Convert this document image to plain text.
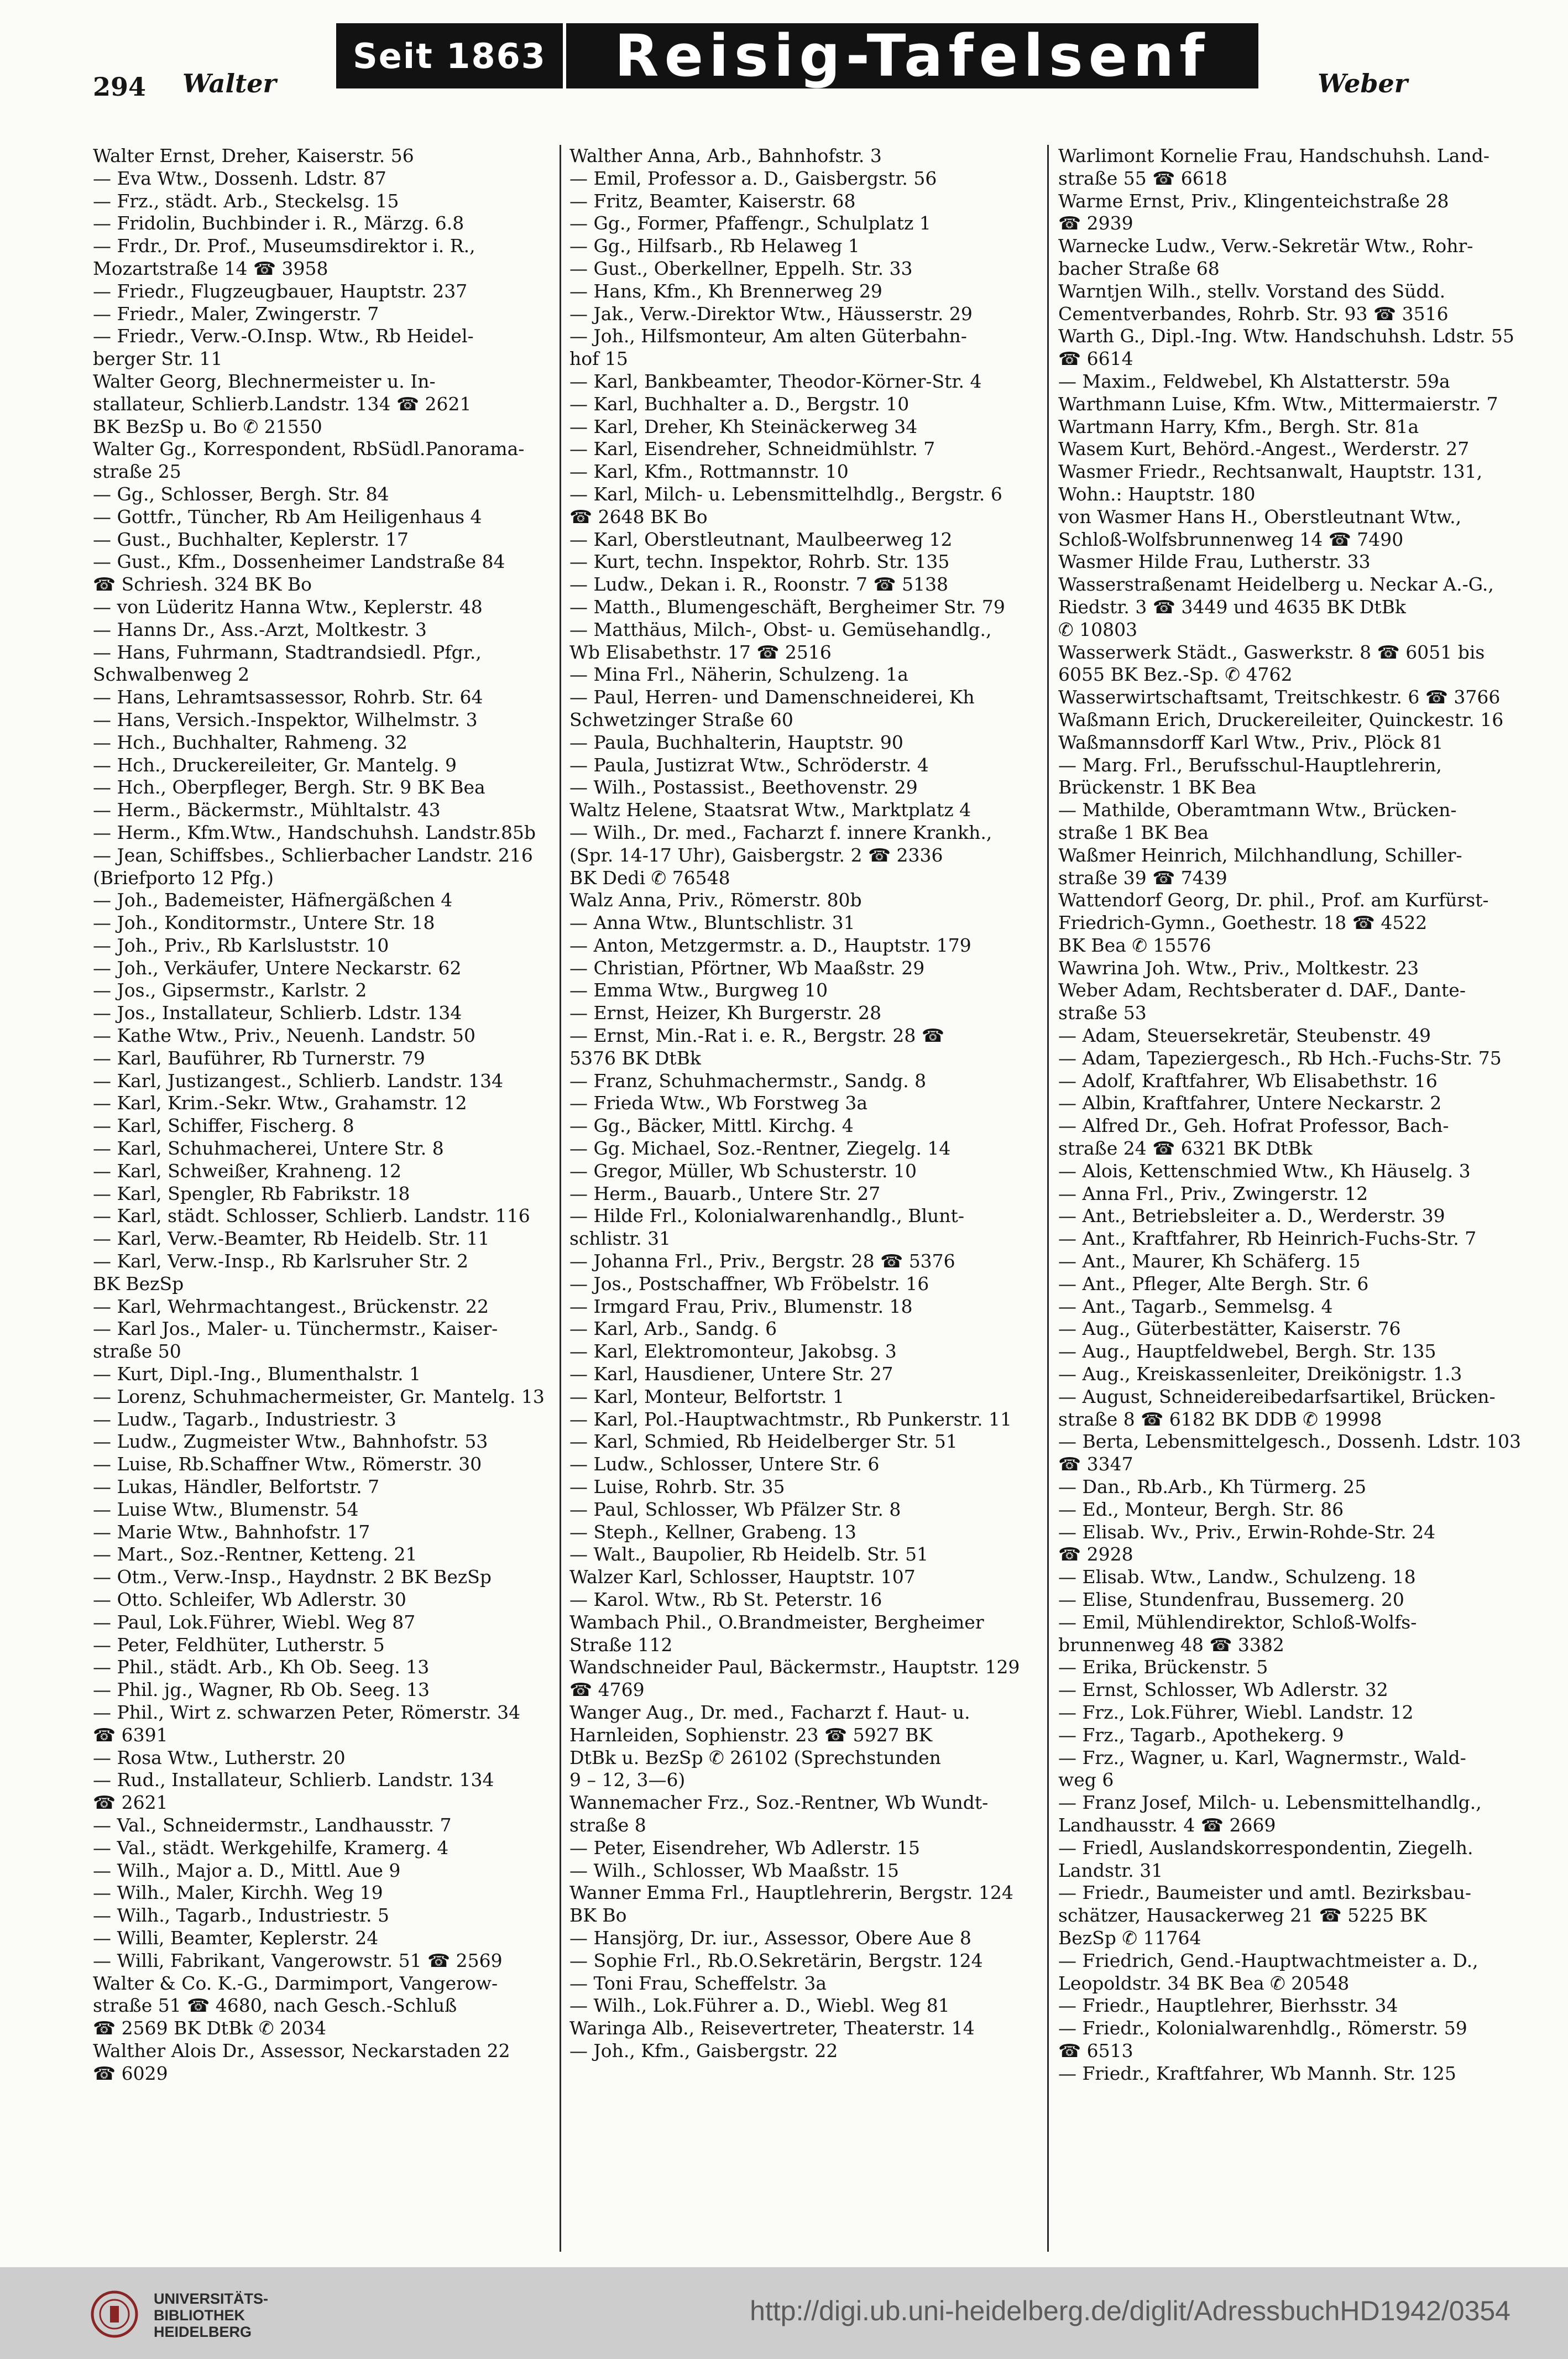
294 Walter	Weber
Seit 1863	Reisig-Tafelsenf
Walter Ernst, Dreher, Kaiserstr. 56
— Eva Wtw., Dossenh. Ldstr. 87
— Frz., städt. Arb., Steckelsg. 15
— Fridolin, Buchbinder i. R., Märzg. 6.8
— Frdr., Dr. Prof., Museumsdirektor i. R.,
Mozartstraße 14 ☎ 3958
— Friedr., Flugzeugbauer, Hauptstr. 237
— Friedr., Maler, Zwingerstr. 7
— Friedr., Verw.-O.Insp. Wtw., Rb Heidel-
berger Str. 11
Walter Georg, Blechnermeister u. In-
stallateur, Schlierb.Landstr. 134 ☎ 2621
BK BezSp u. Bo ✆ 21550
Walter Gg., Korrespondent, RbSüdl.Panorama-
straße 25
— Gg., Schlosser, Bergh. Str. 84
— Gottfr., Tüncher, Rb Am Heiligenhaus 4
— Gust., Buchhalter, Keplerstr. 17
— Gust., Kfm., Dossenheimer Landstraße 84
☎ Schriesh. 324 BK Bo
— von Lüderitz Hanna Wtw., Keplerstr. 48
— Hanns Dr., Ass.-Arzt, Moltkestr. 3
— Hans, Fuhrmann, Stadtrandsiedl. Pfgr.,
Schwalbenweg 2
— Hans, Lehramtsassessor, Rohrb. Str. 64
— Hans, Versich.-Inspektor, Wilhelmstr. 3
— Hch., Buchhalter, Rahmeng. 32
— Hch., Druckereileiter, Gr. Mantelg. 9
— Hch., Oberpfleger, Bergh. Str. 9 BK Bea
— Herm., Bäckermstr., Mühltalstr. 43
— Herm., Kfm.Wtw., Handschuhsh. Landstr.85b
— Jean, Schiffsbes., Schlierbacher Landstr. 216
(Briefporto 12 Pfg.)
— Joh., Bademeister, Häfnergäßchen 4
— Joh., Konditormstr., Untere Str. 18
— Joh., Priv., Rb Karlsluststr. 10
— Joh., Verkäufer, Untere Neckarstr. 62
— Jos., Gipsermstr., Karlstr. 2
— Jos., Installateur, Schlierb. Ldstr. 134
— Kathe Wtw., Priv., Neuenh. Landstr. 50
— Karl, Bauführer, Rb Turnerstr. 79
— Karl, Justizangest., Schlierb. Landstr. 134
— Karl, Krim.-Sekr. Wtw., Grahamstr. 12
— Karl, Schiffer, Fischerg. 8
— Karl, Schuhmacherei, Untere Str. 8
— Karl, Schweißer, Krahneng. 12
— Karl, Spengler, Rb Fabrikstr. 18
— Karl, städt. Schlosser, Schlierb. Landstr. 116
— Karl, Verw.-Beamter, Rb Heidelb. Str. 11
— Karl, Verw.-Insp., Rb Karlsruher Str. 2
BK BezSp
— Karl, Wehrmachtangest., Brückenstr. 22
— Karl Jos., Maler- u. Tünchermstr., Kaiser-
straße 50
— Kurt, Dipl.-Ing., Blumenthalstr. 1
— Lorenz, Schuhmachermeister, Gr. Mantelg. 13
— Ludw., Tagarb., Industriestr. 3
— Ludw., Zugmeister Wtw., Bahnhofstr. 53
— Luise, Rb.Schaffner Wtw., Römerstr. 30
— Lukas, Händler, Belfortstr. 7
— Luise Wtw., Blumenstr. 54
— Marie Wtw., Bahnhofstr. 17
— Mart., Soz.-Rentner, Ketteng. 21
— Otm., Verw.-Insp., Haydnstr. 2 BK BezSp
— Otto. Schleifer, Wb Adlerstr. 30
— Paul, Lok.Führer, Wiebl. Weg 87
— Peter, Feldhüter, Lutherstr. 5
— Phil., städt. Arb., Kh Ob. Seeg. 13
— Phil. jg., Wagner, Rb Ob. Seeg. 13
— Phil., Wirt z. schwarzen Peter, Römerstr. 34
☎ 6391
— Rosa Wtw., Lutherstr. 20
— Rud., Installateur, Schlierb. Landstr. 134
☎ 2621
— Val., Schneidermstr., Landhausstr. 7
— Val., städt. Werkgehilfe, Kramerg. 4
— Wilh., Major a. D., Mittl. Aue 9
— Wilh., Maler, Kirchh. Weg 19
— Wilh., Tagarb., Industriestr. 5
— Willi, Beamter, Keplerstr. 24
— Willi, Fabrikant, Vangerowstr. 51 ☎ 2569
Walter & Co. K.-G., Darmimport, Vangerow-
straße 51 ☎ 4680, nach Gesch.-Schluß
☎ 2569 BK DtBk ✆ 2034
Walther Alois Dr., Assessor, Neckarstaden 22
☎ 6029
Walther Anna, Arb., Bahnhofstr. 3
— Emil, Professor a. D., Gaisbergstr. 56
— Fritz, Beamter, Kaiserstr. 68
— Gg., Former, Pfaffengr., Schulplatz 1
— Gg., Hilfsarb., Rb Helaweg 1
— Gust., Oberkellner, Eppelh. Str. 33
— Hans, Kfm., Kh Brennerweg 29
— Jak., Verw.-Direktor Wtw., Häusserstr. 29
— Joh., Hilfsmonteur, Am alten Güterbahn-
hof 15
— Karl, Bankbeamter, Theodor-Körner-Str. 4
— Karl, Buchhalter a. D., Bergstr. 10
— Karl, Dreher, Kh Steinäckerweg 34
— Karl, Eisendreher, Schneidmühlstr. 7
— Karl, Kfm., Rottmannstr. 10
— Karl, Milch- u. Lebensmittelhdlg., Bergstr. 6
☎ 2648 BK Bo
— Karl, Oberstleutnant, Maulbeerweg 12
— Kurt, techn. Inspektor, Rohrb. Str. 135
— Ludw., Dekan i. R., Roonstr. 7 ☎ 5138
— Matth., Blumengeschäft, Bergheimer Str. 79
— Matthäus, Milch-, Obst- u. Gemüsehandlg.,
Wb Elisabethstr. 17 ☎ 2516
— Mina Frl., Näherin, Schulzeng. 1a
— Paul, Herren- und Damenschneiderei, Kh
Schwetzinger Straße 60
— Paula, Buchhalterin, Hauptstr. 90
— Paula, Justizrat Wtw., Schröderstr. 4
— Wilh., Postassist., Beethovenstr. 29
Waltz Helene, Staatsrat Wtw., Marktplatz 4
— Wilh., Dr. med., Facharzt f. innere Krankh.,
(Spr. 14-17 Uhr), Gaisbergstr. 2 ☎ 2336
BK Dedi ✆ 76548
Walz Anna, Priv., Römerstr. 80b
— Anna Wtw., Bluntschlistr. 31
— Anton, Metzgermstr. a. D., Hauptstr. 179
— Christian, Pförtner, Wb Maaßstr. 29
— Emma Wtw., Burgweg 10
— Ernst, Heizer, Kh Burgerstr. 28
— Ernst, Min.-Rat i. e. R., Bergstr. 28 ☎
5376 BK DtBk
— Franz, Schuhmachermstr., Sandg. 8
— Frieda Wtw., Wb Forstweg 3a
— Gg., Bäcker, Mittl. Kirchg. 4
— Gg. Michael, Soz.-Rentner, Ziegelg. 14
— Gregor, Müller, Wb Schusterstr. 10
— Herm., Bauarb., Untere Str. 27
— Hilde Frl., Kolonialwarenhandlg., Blunt-
schlistr. 31
— Johanna Frl., Priv., Bergstr. 28 ☎ 5376
— Jos., Postschaffner, Wb Fröbelstr. 16
— Irmgard Frau, Priv., Blumenstr. 18
— Karl, Arb., Sandg. 6
— Karl, Elektromonteur, Jakobsg. 3
— Karl, Hausdiener, Untere Str. 27
— Karl, Monteur, Belfortstr. 1
— Karl, Pol.-Hauptwachtmstr., Rb Punkerstr. 11
— Karl, Schmied, Rb Heidelberger Str. 51
— Ludw., Schlosser, Untere Str. 6
— Luise, Rohrb. Str. 35
— Paul, Schlosser, Wb Pfälzer Str. 8
— Steph., Kellner, Grabeng. 13
— Walt., Baupolier, Rb Heidelb. Str. 51
Walzer Karl, Schlosser, Hauptstr. 107
— Karol. Wtw., Rb St. Peterstr. 16
Wambach Phil., O.Brandmeister, Bergheimer
Straße 112
Wandschneider Paul, Bäckermstr., Hauptstr. 129
☎ 4769
Wanger Aug., Dr. med., Facharzt f. Haut- u.
Harnleiden, Sophienstr. 23 ☎ 5927 BK
DtBk u. BezSp ✆ 26102 (Sprechstunden
9 – 12, 3—6)
Wannemacher Frz., Soz.-Rentner, Wb Wundt-
straße 8
— Peter, Eisendreher, Wb Adlerstr. 15
— Wilh., Schlosser, Wb Maaßstr. 15
Wanner Emma Frl., Hauptlehrerin, Bergstr. 124
BK Bo
— Hansjörg, Dr. iur., Assessor, Obere Aue 8
— Sophie Frl., Rb.O.Sekretärin, Bergstr. 124
— Toni Frau, Scheffelstr. 3a
— Wilh., Lok.Führer a. D., Wiebl. Weg 81
Waringa Alb., Reisevertreter, Theaterstr. 14
— Joh., Kfm., Gaisbergstr. 22
Warlimont Kornelie Frau, Handschuhsh. Land-
straße 55 ☎ 6618
Warme Ernst, Priv., Klingenteichstraße 28
☎ 2939
Warnecke Ludw., Verw.-Sekretär Wtw., Rohr-
bacher Straße 68
Warntjen Wilh., stellv. Vorstand des Südd.
Cementverbandes, Rohrb. Str. 93 ☎ 3516
Warth G., Dipl.-Ing. Wtw. Handschuhsh. Ldstr. 55
☎ 6614
— Maxim., Feldwebel, Kh Alstatterstr. 59a
Warthmann Luise, Kfm. Wtw., Mittermaierstr. 7
Wartmann Harry, Kfm., Bergh. Str. 81a
Wasem Kurt, Behörd.-Angest., Werderstr. 27
Wasmer Friedr., Rechtsanwalt, Hauptstr. 131,
Wohn.: Hauptstr. 180
von Wasmer Hans H., Oberstleutnant Wtw.,
Schloß-Wolfsbrunnenweg 14 ☎ 7490
Wasmer Hilde Frau, Lutherstr. 33
Wasserstraßenamt Heidelberg u. Neckar A.-G.,
Riedstr. 3 ☎ 3449 und 4635 BK DtBk
✆ 10803
Wasserwerk Städt., Gaswerkstr. 8 ☎ 6051 bis
6055 BK Bez.-Sp. ✆ 4762
Wasserwirtschaftsamt, Treitschkestr. 6 ☎ 3766
Waßmann Erich, Druckereileiter, Quinckestr. 16
Waßmannsdorff Karl Wtw., Priv., Plöck 81
— Marg. Frl., Berufsschul-Hauptlehrerin,
Brückenstr. 1 BK Bea
— Mathilde, Oberamtmann Wtw., Brücken-
straße 1 BK Bea
Waßmer Heinrich, Milchhandlung, Schiller-
straße 39 ☎ 7439
Wattendorf Georg, Dr. phil., Prof. am Kurfürst-
Friedrich-Gymn., Goethestr. 18 ☎ 4522
BK Bea ✆ 15576
Wawrina Joh. Wtw., Priv., Moltkestr. 23
Weber Adam, Rechtsberater d. DAF., Dante-
straße 53
— Adam, Steuersekretär, Steubenstr. 49
— Adam, Tapeziergesch., Rb Hch.-Fuchs-Str. 75
— Adolf, Kraftfahrer, Wb Elisabethstr. 16
— Albin, Kraftfahrer, Untere Neckarstr. 2
— Alfred Dr., Geh. Hofrat Professor, Bach-
straße 24 ☎ 6321 BK DtBk
— Alois, Kettenschmied Wtw., Kh Häuselg. 3
— Anna Frl., Priv., Zwingerstr. 12
— Ant., Betriebsleiter a. D., Werderstr. 39
— Ant., Kraftfahrer, Rb Heinrich-Fuchs-Str. 7
— Ant., Maurer, Kh Schäferg. 15
— Ant., Pfleger, Alte Bergh. Str. 6
— Ant., Tagarb., Semmelsg. 4
— Aug., Güterbestätter, Kaiserstr. 76
— Aug., Hauptfeldwebel, Bergh. Str. 135
— Aug., Kreiskassenleiter, Dreikönigstr. 1.3
— August, Schneidereibedarfsartikel, Brücken-
straße 8 ☎ 6182 BK DDB ✆ 19998
— Berta, Lebensmittelgesch., Dossenh. Ldstr. 103
☎ 3347
— Dan., Rb.Arb., Kh Türmerg. 25
— Ed., Monteur, Bergh. Str. 86
— Elisab. Wv., Priv., Erwin-Rohde-Str. 24
☎ 2928
— Elisab. Wtw., Landw., Schulzeng. 18
— Elise, Stundenfrau, Bussemerg. 20
— Emil, Mühlendirektor, Schloß-Wolfs-
brunnenweg 48 ☎ 3382
— Erika, Brückenstr. 5
— Ernst, Schlosser, Wb Adlerstr. 32
— Frz., Lok.Führer, Wiebl. Landstr. 12
— Frz., Tagarb., Apothekerg. 9
— Frz., Wagner, u. Karl, Wagnermstr., Wald-
weg 6
— Franz Josef, Milch- u. Lebensmittelhandlg.,
Landhausstr. 4 ☎ 2669
— Friedl, Auslandskorrespondentin, Ziegelh.
Landstr. 31
— Friedr., Baumeister und amtl. Bezirksbau-
schätzer, Hausackerweg 21 ☎ 5225 BK
BezSp ✆ 11764
— Friedrich, Gend.-Hauptwachtmeister a. D.,
Leopoldstr. 34 BK Bea ✆ 20548
— Friedr., Hauptlehrer, Bierhsstr. 34
— Friedr., Kolonialwarenhdlg., Römerstr. 59
☎ 6513
— Friedr., Kraftfahrer, Wb Mannh. Str. 125
UNIVERSITÄTS-
BIBLIOTHEK
HEIDELBERG
http://digi.ub.uni-heidelberg.de/diglit/AdressbuchHD1942/0354
